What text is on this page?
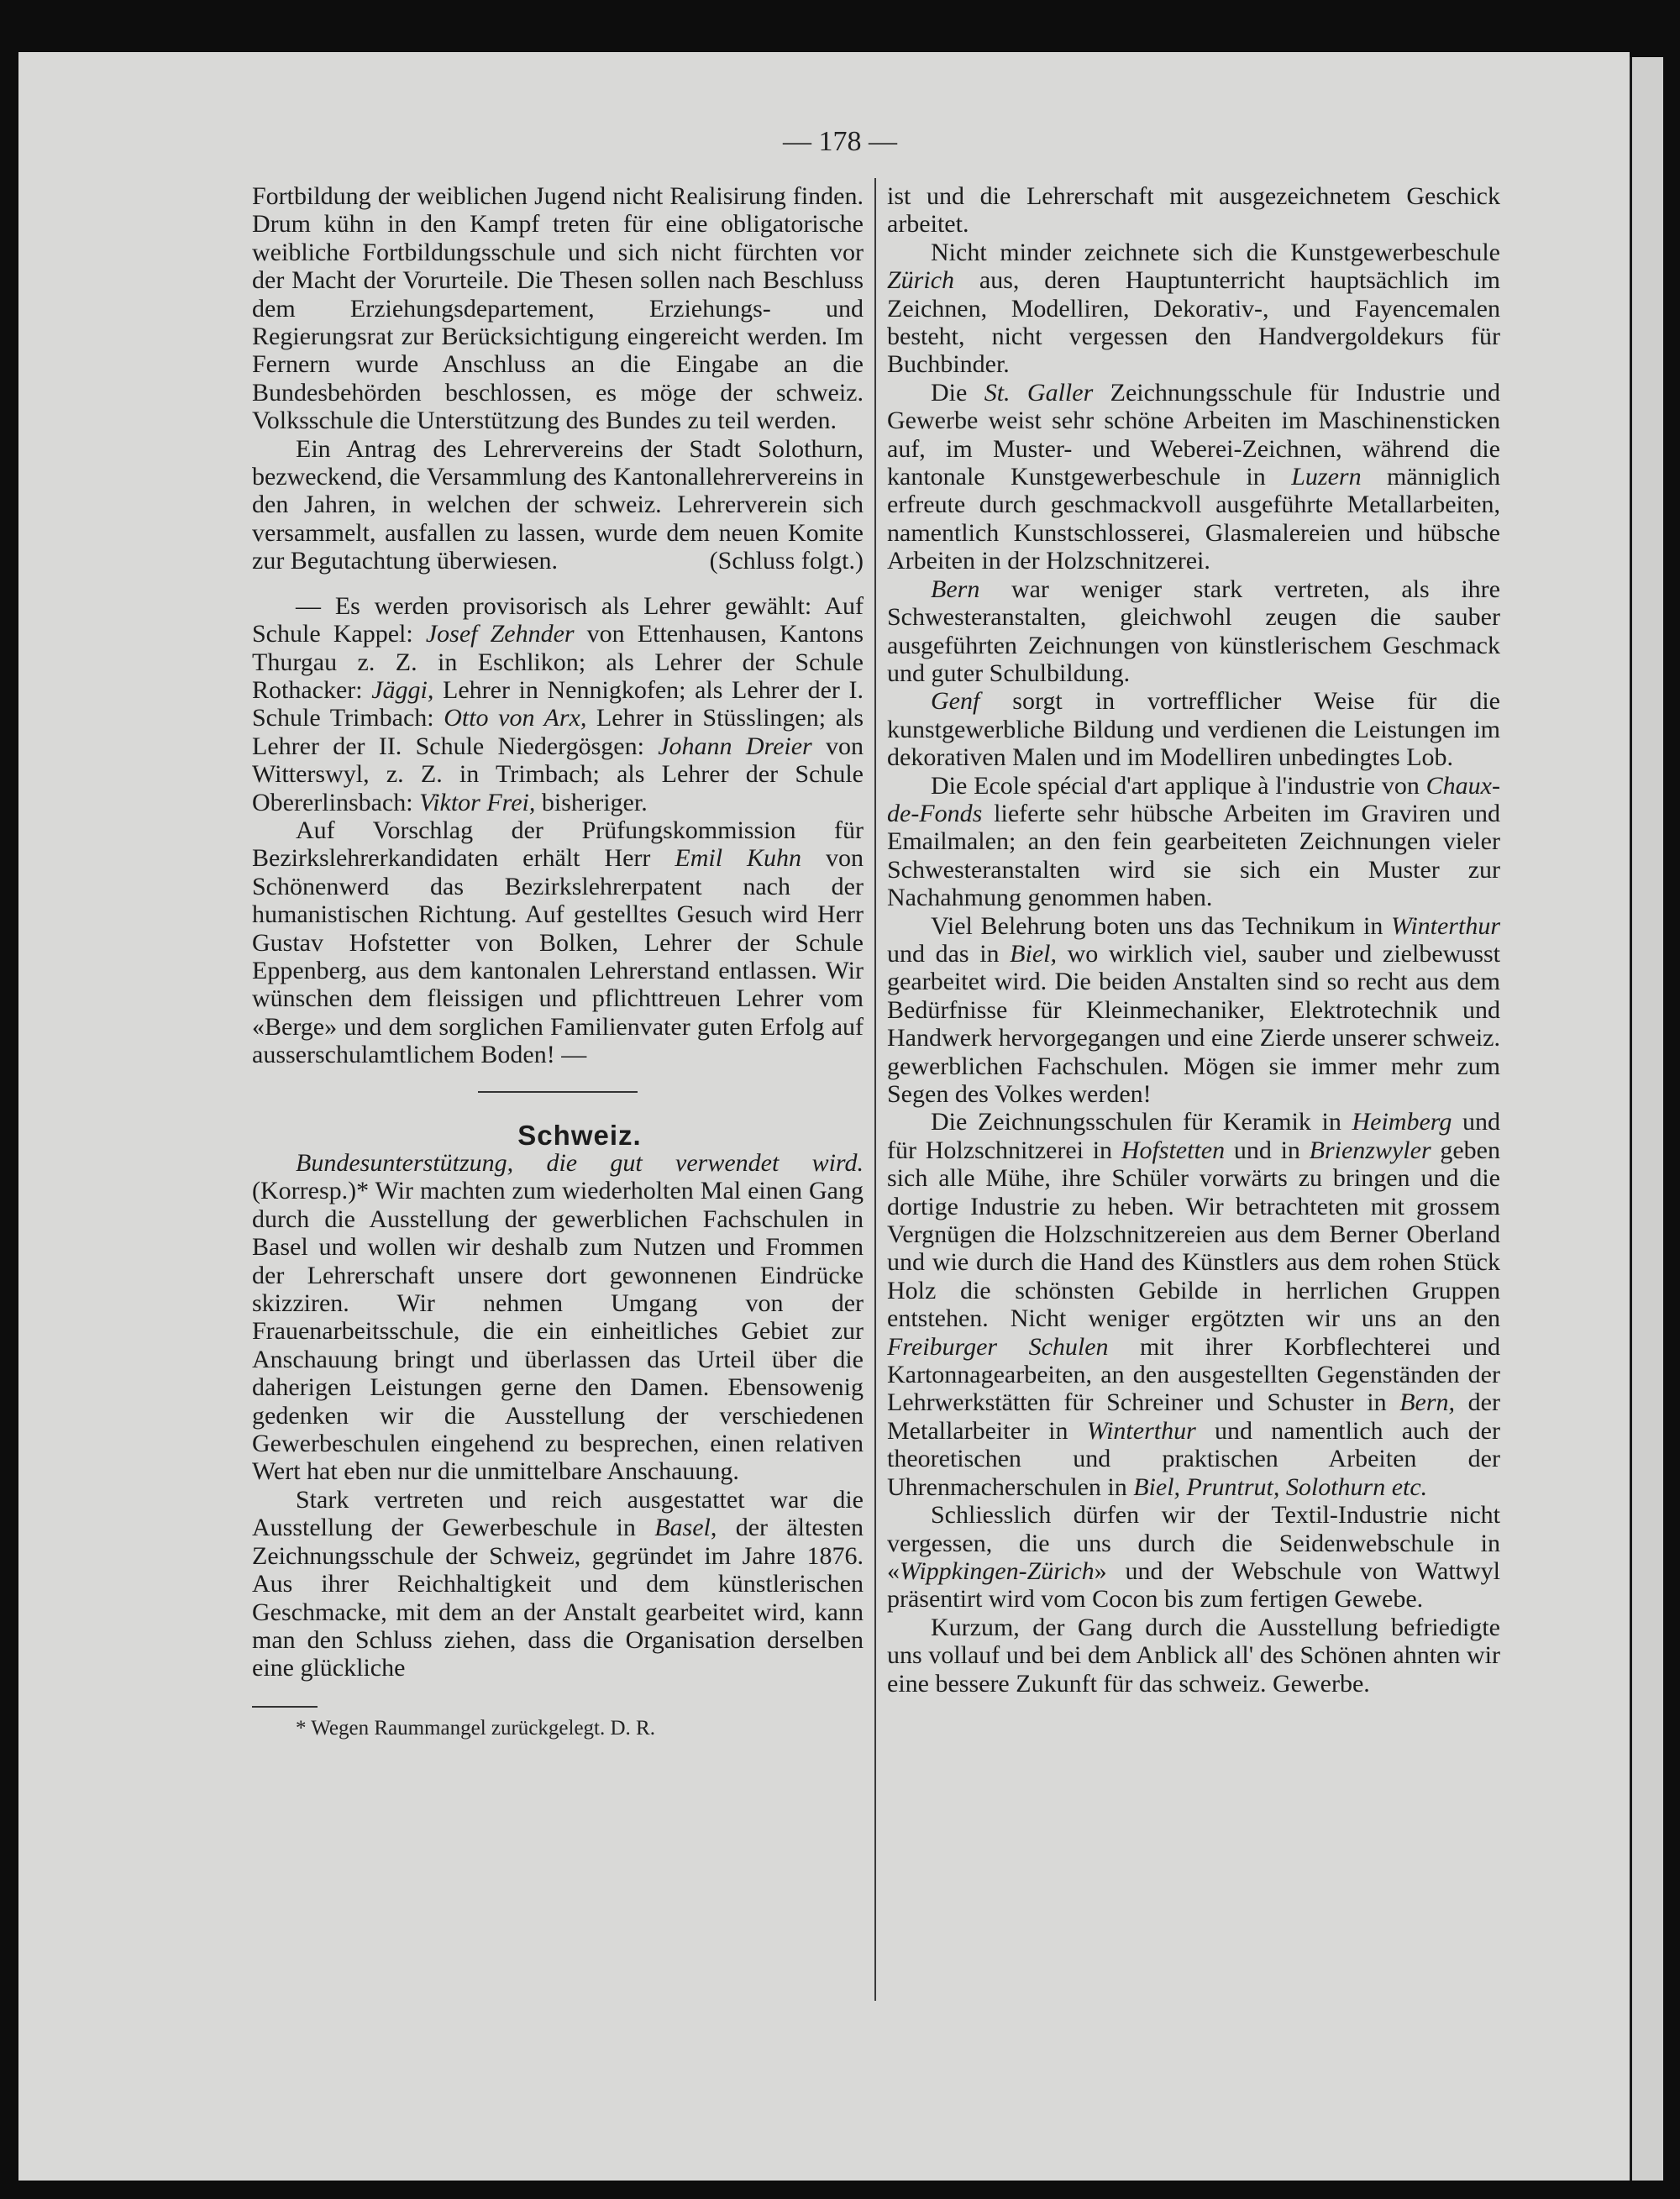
— 178 —

Fortbildung der weiblichen Jugend nicht Realisirung finden. Drum kühn in den Kampf treten für eine obligatorische weibliche Fortbildungsschule und sich nicht fürchten vor der Macht der Vorurteile. Die Thesen sollen nach Beschluss dem Erziehungsdepartement, Erziehungs- und Regierungsrat zur Berücksichtigung eingereicht werden. Im Fernern wurde Anschluss an die Eingabe an die Bundesbehörden beschlossen, es möge der schweiz. Volksschule die Unterstützung des Bundes zu teil werden.

Ein Antrag des Lehrervereins der Stadt Solothurn, bezweckend, die Versammlung des Kantonallehrervereins in den Jahren, in welchen der schweiz. Lehrerverein sich versammelt, ausfallen zu lassen, wurde dem neuen Komite zur Begutachtung überwiesen.	(Schluss folgt.)

— Es werden provisorisch als Lehrer gewählt: Auf Schule Kappel: Josef Zehnder von Ettenhausen, Kantons Thurgau z. Z. in Eschlikon; als Lehrer der Schule Rothacker: Jäggi, Lehrer in Nennigkofen; als Lehrer der I. Schule Trimbach: Otto von Arx, Lehrer in Stüsslingen; als Lehrer der II. Schule Niedergösgen: Johann Dreier von Witterswyl, z. Z. in Trimbach; als Lehrer der Schule Obererlinsbach: Viktor Frei, bisheriger.

Auf Vorschlag der Prüfungskommission für Bezirkslehrerkandidaten erhält Herr Emil Kuhn von Schönenwerd das Bezirkslehrerpatent nach der humanistischen Richtung. Auf gestelltes Gesuch wird Herr Gustav Hofstetter von Bolken, Lehrer der Schule Eppenberg, aus dem kantonalen Lehrerstand entlassen. Wir wünschen dem fleissigen und pflichttreuen Lehrer vom «Berge» und dem sorglichen Familienvater guten Erfolg auf ausserschulamtlichem Boden! —

Schweiz.

Bundesunterstützung, die gut verwendet wird. (Korresp.)* Wir machten zum wiederholten Mal einen Gang durch die Ausstellung der gewerblichen Fachschulen in Basel und wollen wir deshalb zum Nutzen und Frommen der Lehrerschaft unsere dort gewonnenen Eindrücke skizziren. Wir nehmen Umgang von der Frauenarbeitsschule, die ein einheitliches Gebiet zur Anschauung bringt und überlassen das Urteil über die daherigen Leistungen gerne den Damen. Ebensowenig gedenken wir die Ausstellung der verschiedenen Gewerbeschulen eingehend zu besprechen, einen relativen Wert hat eben nur die unmittelbare Anschauung.

Stark vertreten und reich ausgestattet war die Ausstellung der Gewerbeschule in Basel, der ältesten Zeichnungsschule der Schweiz, gegründet im Jahre 1876. Aus ihrer Reichhaltigkeit und dem künstlerischen Geschmacke, mit dem an der Anstalt gearbeitet wird, kann man den Schluss ziehen, dass die Organisation derselben eine glückliche

* Wegen Raummangel zurückgelegt. D. R.

ist und die Lehrerschaft mit ausgezeichnetem Geschick arbeitet.

Nicht minder zeichnete sich die Kunstgewerbeschule Zürich aus, deren Hauptunterricht hauptsächlich im Zeichnen, Modelliren, Dekorativ-, und Fayencemalen besteht, nicht vergessen den Handvergoldekurs für Buchbinder.

Die St. Galler Zeichnungsschule für Industrie und Gewerbe weist sehr schöne Arbeiten im Maschinensticken auf, im Muster- und Weberei-Zeichnen, während die kantonale Kunstgewerbeschule in Luzern männiglich erfreute durch geschmackvoll ausgeführte Metallarbeiten, namentlich Kunstschlosserei, Glasmalereien und hübsche Arbeiten in der Holzschnitzerei.

Bern war weniger stark vertreten, als ihre Schwesteranstalten, gleichwohl zeugen die sauber ausgeführten Zeichnungen von künstlerischem Geschmack und guter Schulbildung.

Genf sorgt in vortrefflicher Weise für die kunstgewerbliche Bildung und verdienen die Leistungen im dekorativen Malen und im Modelliren unbedingtes Lob.

Die Ecole spécial d'art applique à l'industrie von Chaux-de-Fonds lieferte sehr hübsche Arbeiten im Graviren und Emailmalen; an den fein gearbeiteten Zeichnungen vieler Schwesteranstalten wird sie sich ein Muster zur Nachahmung genommen haben.

Viel Belehrung boten uns das Technikum in Winterthur und das in Biel, wo wirklich viel, sauber und zielbewusst gearbeitet wird. Die beiden Anstalten sind so recht aus dem Bedürfnisse für Kleinmechaniker, Elektrotechnik und Handwerk hervorgegangen und eine Zierde unserer schweiz. gewerblichen Fachschulen. Mögen sie immer mehr zum Segen des Volkes werden!

Die Zeichnungsschulen für Keramik in Heimberg und für Holzschnitzerei in Hofstetten und in Brienzwyler geben sich alle Mühe, ihre Schüler vorwärts zu bringen und die dortige Industrie zu heben. Wir betrachteten mit grossem Vergnügen die Holzschnitzereien aus dem Berner Oberland und wie durch die Hand des Künstlers aus dem rohen Stück Holz die schönsten Gebilde in herrlichen Gruppen entstehen. Nicht weniger ergötzten wir uns an den Freiburger Schulen mit ihrer Korbflechterei und Kartonnagearbeiten, an den ausgestellten Gegenständen der Lehrwerkstätten für Schreiner und Schuster in Bern, der Metallarbeiter in Winterthur und namentlich auch der theoretischen und praktischen Arbeiten der Uhrenmacherschulen in Biel, Pruntrut, Solothurn etc.

Schliesslich dürfen wir der Textil-Industrie nicht vergessen, die uns durch die Seidenwebschule in «Wippkingen-Zürich» und der Webschule von Wattwyl präsentirt wird vom Cocon bis zum fertigen Gewebe.

Kurzum, der Gang durch die Ausstellung befriedigte uns vollauf und bei dem Anblick all' des Schönen ahnten wir eine bessere Zukunft für das schweiz. Gewerbe.
